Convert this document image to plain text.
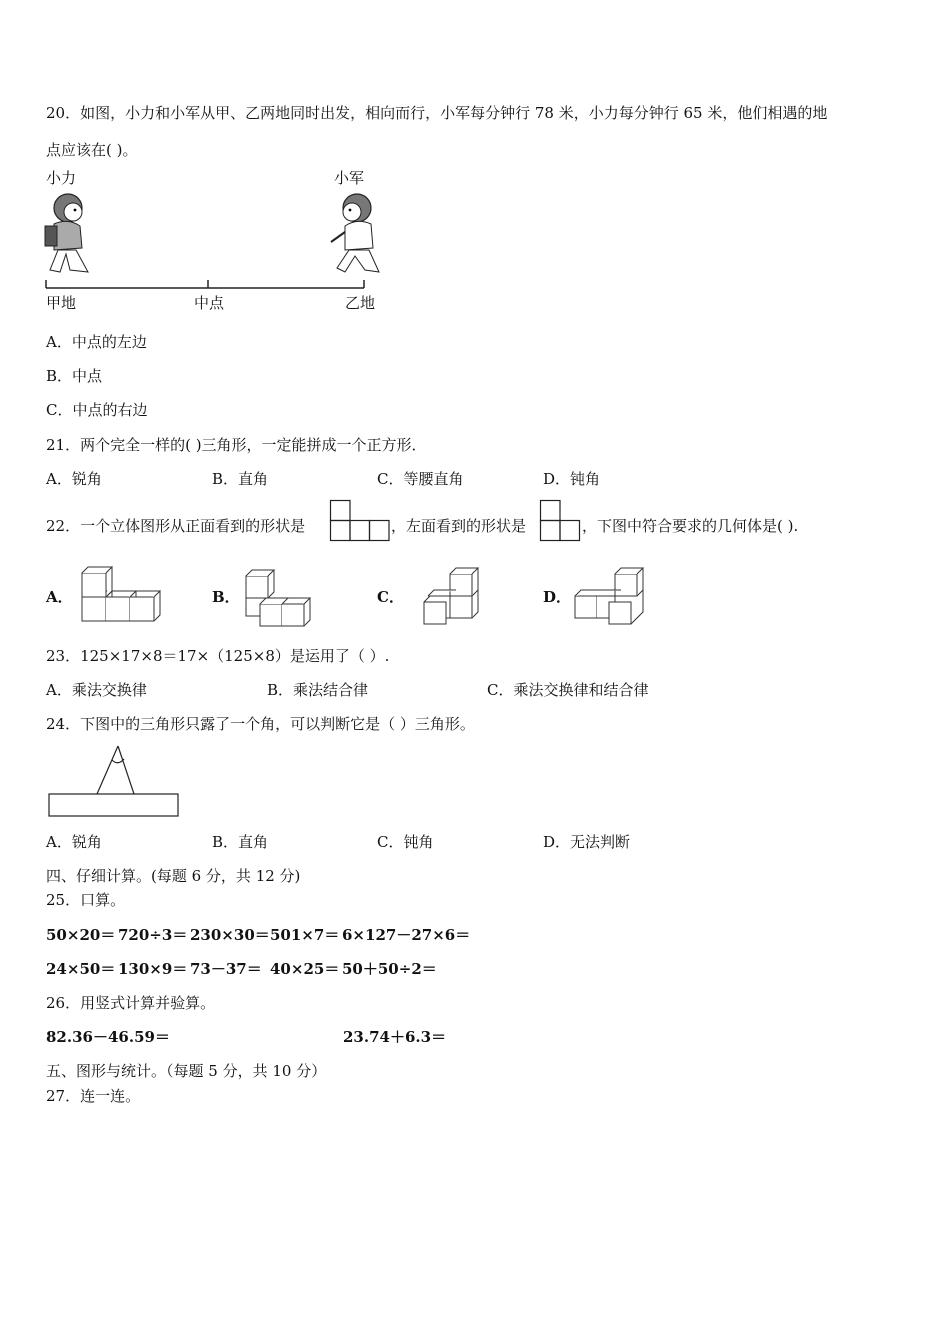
20．如图，小力和小军从甲、乙两地同时出发，相向而行，小军每分钟行 78 米，小力每分钟行 65 米，他们相遇的地
点应该在( )。
小力	小军
甲地	中点	乙地
A．中点的左边
B．中点
C．中点的右边
21．两个完全一样的( )三角形，一定能拼成一个正方形．
A．锐角	B．直角	C．等腰直角	D．钝角
22．一个立体图形从正面看到的形状是	，左面看到的形状是	，下图中符合要求的几何体是( ).
A．	B．	C．	D．
23．125×17×8＝17×（125×8）是运用了（ ）.
A．乘法交换律	B．乘法结合律	C．乘法交换律和结合律
24．下图中的三角形只露了一个角，可以判断它是（ ）三角形。
A．锐角	B．直角	C．钝角	D．无法判断
四、仔细计算。(每题 6 分，共 12 分)
25．口算。
50×20＝ 720÷3＝ 230×30＝ 501×7＝ 6×127－27×6＝
24×50＝ 130×9＝ 73－37＝ 40×25＝ 50＋50÷2＝
26．用竖式计算并验算。
82.36－46.59＝	23.74＋6.3＝
五、图形与统计。（每题 5 分，共 10 分）
27．连一连。
